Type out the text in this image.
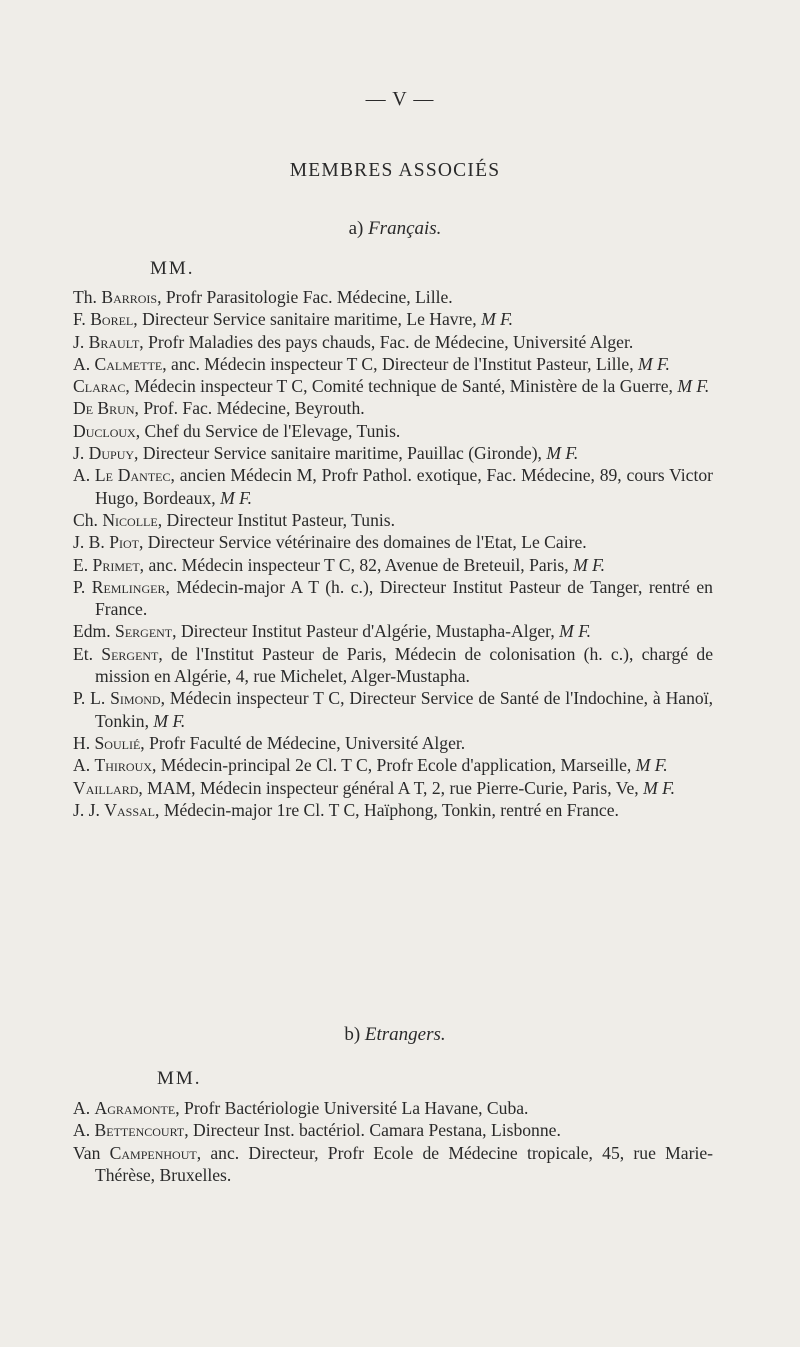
— V —
MEMBRES ASSOCIÉS
a) Français.
MM.
Th. Barrois, Profr Parasitologie Fac. Médecine, Lille.
F. Borel, Directeur Service sanitaire maritime, Le Havre, M F.
J. Brault, Profr Maladies des pays chauds, Fac. de Médecine, Université Alger.
A. Calmette, anc. Médecin inspecteur T C, Directeur de l'Institut Pasteur, Lille, M F.
Clarac, Médecin inspecteur T C, Comité technique de Santé, Ministère de la Guerre, M F.
De Brun, Prof. Fac. Médecine, Beyrouth.
Ducloux, Chef du Service de l'Elevage, Tunis.
J. Dupuy, Directeur Service sanitaire maritime, Pauillac (Gironde), M F.
A. Le Dantec, ancien Médecin M, Profr Pathol. exotique, Fac. Médecine, 89, cours Victor Hugo, Bordeaux, M F.
Ch. Nicolle, Directeur Institut Pasteur, Tunis.
J. B. Piot, Directeur Service vétérinaire des domaines de l'Etat, Le Caire.
E. Primet, anc. Médecin inspecteur T C, 82, Avenue de Breteuil, Paris, M F.
P. Remlinger, Médecin-major A T (h. c.), Directeur Institut Pasteur de Tanger, rentré en France.
Edm. Sergent, Directeur Institut Pasteur d'Algérie, Mustapha-Alger, M F.
Et. Sergent, de l'Institut Pasteur de Paris, Médecin de colonisation (h. c.), chargé de mission en Algérie, 4, rue Michelet, Alger-Mustapha.
P. L. Simond, Médecin inspecteur T C, Directeur Service de Santé de l'Indochine, à Hanoï, Tonkin, M F.
H. Soulié, Profr Faculté de Médecine, Université Alger.
A. Thiroux, Médecin-principal 2e Cl. T C, Profr Ecole d'application, Marseille, M F.
Vaillard, MAM, Médecin inspecteur général A T, 2, rue Pierre-Curie, Paris, Ve, M F.
J. J. Vassal, Médecin-major 1re Cl. T C, Haïphong, Tonkin, rentré en France.
b) Etrangers.
MM.
A. Agramonte, Profr Bactériologie Université La Havane, Cuba.
A. Bettencourt, Directeur Inst. bactériol. Camara Pestana, Lisbonne.
Van Campenhout, anc. Directeur, Profr Ecole de Médecine tropicale, 45, rue Marie-Thérèse, Bruxelles.
